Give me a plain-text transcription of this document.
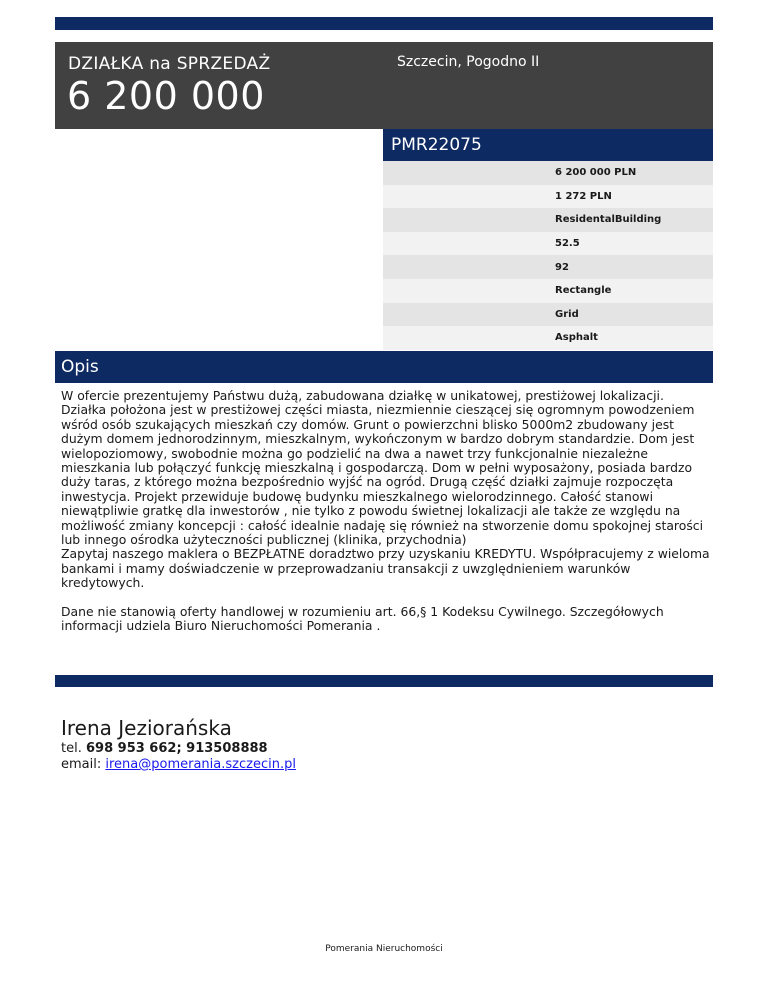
DZIAŁKA na SPRZEDAŻ
6 200 000
Szczecin, Pogodno II
PMR22075
6 200 000 PLN
1 272 PLN
ResidentalBuilding
52.5
92
Rectangle
Grid
Asphalt
Opis

W ofercie prezentujemy Państwu dużą, zabudowana działkę w unikatowej, prestiżowej lokalizacji. Działka położona jest w prestiżowej części miasta, niezmiennie cieszącej się ogromnym powodzeniem wśród osób szukających mieszkań czy domów. Grunt o powierzchni blisko 5000m2 zbudowany jest dużym domem jednorodzinnym, mieszkalnym, wykończonym w bardzo dobrym standardzie. Dom jest wielopoziomowy, swobodnie można go podzielić na dwa a nawet trzy funkcjonalnie niezależne mieszkania lub połączyć funkcję mieszkalną i gospodarczą. Dom w pełni wyposażony, posiada bardzo duży taras, z którego można bezpośrednio wyjść na ogród. Drugą część działki zajmuje rozpoczęta inwestycja. Projekt przewiduje budowę budynku mieszkalnego wielorodzinnego. Całość stanowi niewątpliwie gratkę dla inwestorów , nie tylko z powodu świetnej lokalizacji ale także ze względu na możliwość zmiany koncepcji : całość idealnie nadaję się również na stworzenie domu spokojnej starości lub innego ośrodka użyteczności publicznej (klinika, przychodnia)

Zapytaj naszego maklera o BEZPŁATNE doradztwo przy uzyskaniu KREDYTU. Współpracujemy z wieloma bankami i mamy doświadczenie w przeprowadzaniu transakcji z uwzględnieniem warunków kredytowych.

Dane nie stanowią oferty handlowej w rozumieniu art. 66,§ 1 Kodeksu Cywilnego. Szczegółowych informacji udziela Biuro Nieruchomości Pomerania .

Irena Jeziorańska
tel. 698 953 662; 913508888
email: irena@pomerania.szczecin.pl
Pomerania Nieruchomości
